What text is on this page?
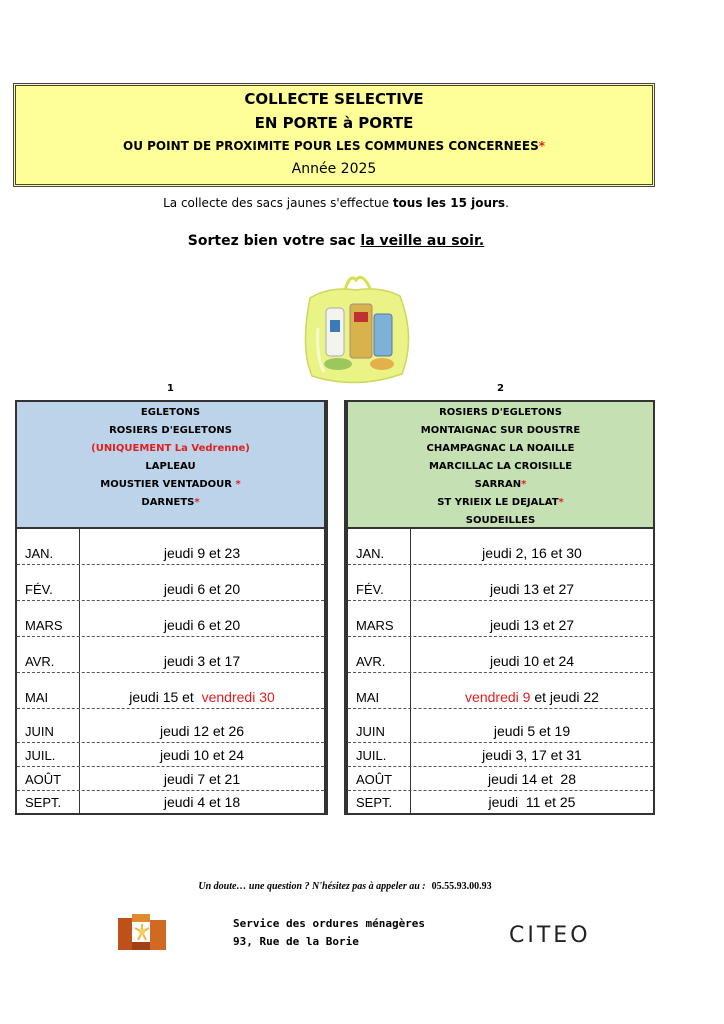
COLLECTE SELECTIVE
EN PORTE à PORTE
OU POINT DE PROXIMITE POUR LES COMMUNES CONCERNEES*
Année 2025
La collecte des sacs jaunes s'effectue tous les 15 jours.
Sortez bien votre sac la veille au soir.
1	2
EGLETONS
ROSIERS D'EGLETONS
(UNIQUEMENT La Vedrenne)
LAPLEAU
MOUSTIER VENTADOUR *
DARNETS*
ROSIERS D'EGLETONS
MONTAIGNAC SUR DOUSTRE
CHAMPAGNAC LA NOAILLE
MARCILLAC LA CROISILLE
SARRAN*
ST YRIEIX LE DEJALAT*
SOUDEILLES
JAN.	jeudi 9 et 23
FÉV.	jeudi 6 et 20
MARS	jeudi 6 et 20
AVR.	jeudi 3 et 17
MAI	jeudi 15 et vendredi 30
JUIN	jeudi 12 et 26
JUIL.	jeudi 10 et 24
AOÛT	jeudi 7 et 21
SEPT.	jeudi 4 et 18
JAN.	jeudi 2, 16 et 30
FÉV.	jeudi 13 et 27
MARS	jeudi 13 et 27
AVR.	jeudi 10 et 24
MAI	vendredi 9 et jeudi 22
JUIN	jeudi 5 et 19
JUIL.	jeudi 3, 17 et 31
AOÛT	jeudi 14 et  28
SEPT.	jeudi  11 et 25
Un doute… une question ? N'hésitez pas à appeler au : 05.55.93.00.93
Service des ordures ménagères
93, Rue de la Borie	CITEO
